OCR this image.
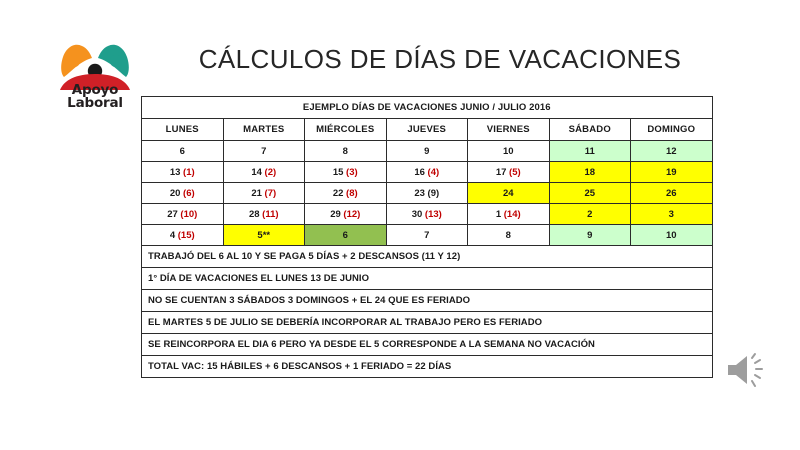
Apoyo
Laboral
CÁLCULOS DE DÍAS DE VACACIONES
EJEMPLO DÍAS DE VACACIONES JUNIO / JULIO 2016						
LUNES	MARTES	MIÉRCOLES	JUEVES	VIERNES	SÁBADO	DOMINGO
6	7	8	9	10	11	12
13 (1)	14 (2)	15 (3)	16 (4)	17 (5)	18	19
20 (6)	21 (7)	22 (8)	23 (9)	24	25	26
27 (10)	28 (11)	29 (12)	30 (13)	1 (14)	2	3
4 (15)	5**	6	7	8	9	10
TRABAJÓ DEL 6 AL 10 Y SE PAGA 5 DÍAS + 2 DESCANSOS (11 Y 12)						
1° DÍA DE VACACIONES EL LUNES 13 DE JUNIO						
NO SE CUENTAN 3 SÁBADOS 3 DOMINGOS + EL 24 QUE ES FERIADO						
EL MARTES 5 DE JULIO SE DEBERÍA INCORPORAR AL TRABAJO PERO ES FERIADO						
SE REINCORPORA EL DIA 6 PERO YA DESDE EL 5 CORRESPONDE A LA SEMANA NO VACACIÓN						
TOTAL VAC: 15 HÁBILES + 6 DESCANSOS + 1 FERIADO = 22 DÍAS						
